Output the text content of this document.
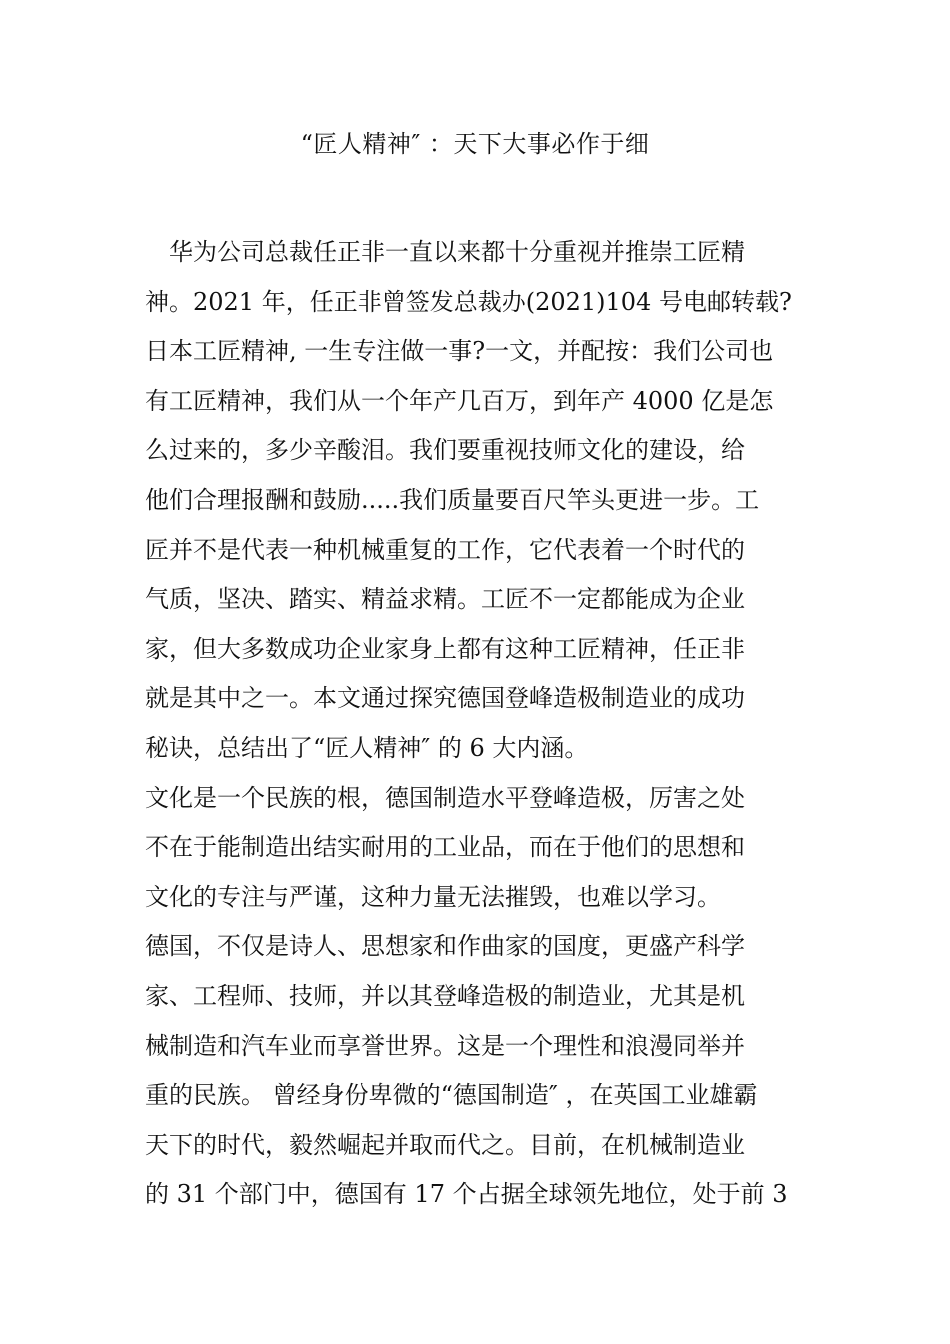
“匠人精神″ ：天下大事必作于细
华为公司总裁任正非一直以来都十分重视并推崇工匠精
神。2021 年，任正非曾签发总裁办(2021)104 号电邮转载?
日本工匠精神, 一生专注做一事?一文，并配按：我们公司也
有工匠精神，我们从一个年产几百万，到年产 4000 亿是怎
么过来的，多少辛酸泪。我们要重视技师文化的建设，给
他们合理报酬和鼓励.....我们质量要百尺竿头更进一步。工
匠并不是代表一种机械重复的工作，它代表着一个时代的
气质，坚决、踏实、精益求精。工匠不一定都能成为企业
家，但大多数成功企业家身上都有这种工匠精神，任正非
就是其中之一。本文通过探究德国登峰造极制造业的成功
秘诀，总结出了“匠人精神″ 的 6 大内涵。
文化是一个民族的根，德国制造水平登峰造极，厉害之处
不在于能制造出结实耐用的工业品，而在于他们的思想和
文化的专注与严谨，这种力量无法摧毁，也难以学习。
德国，不仅是诗人、思想家和作曲家的国度，更盛产科学
家、工程师、技师，并以其登峰造极的制造业，尤其是机
械制造和汽车业而享誉世界。这是一个理性和浪漫同举并
重的民族。 曾经身份卑微的“德国制造″ ，在英国工业雄霸
天下的时代，毅然崛起并取而代之。目前，在机械制造业
的 31 个部门中，德国有 17 个占据全球领先地位，处于前 3
